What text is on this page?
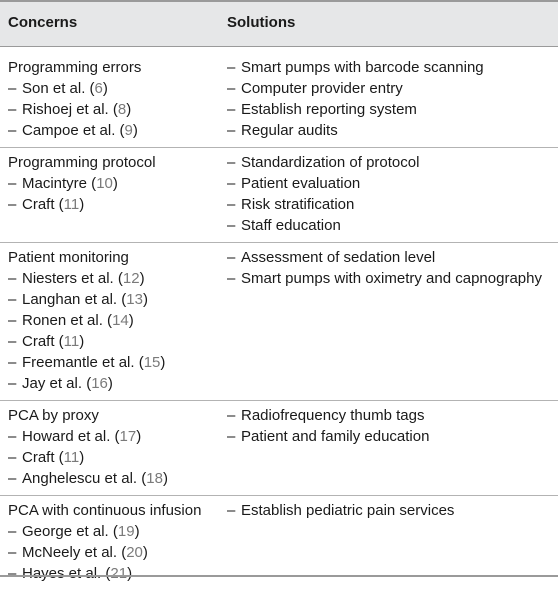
Concerns	Solutions
Programming errors
– Son et al. (6)
– Rishoej et al. (8)
– Campoe et al. (9)
– Smart pumps with barcode scanning
– Computer provider entry
– Establish reporting system
– Regular audits
Programming protocol
– Macintyre (10)
– Craft (11)
– Standardization of protocol
– Patient evaluation
– Risk stratification
– Staff education
Patient monitoring
– Niesters et al. (12)
– Langhan et al. (13)
– Ronen et al. (14)
– Craft (11)
– Freemantle et al. (15)
– Jay et al. (16)
– Assessment of sedation level
– Smart pumps with oximetry and capnography
PCA by proxy
– Howard et al. (17)
– Craft (11)
– Anghelescu et al. (18)
– Radiofrequency thumb tags
– Patient and family education
PCA with continuous infusion
– George et al. (19)
– McNeely et al. (20)
– Hayes et al. (21)
– Establish pediatric pain services
